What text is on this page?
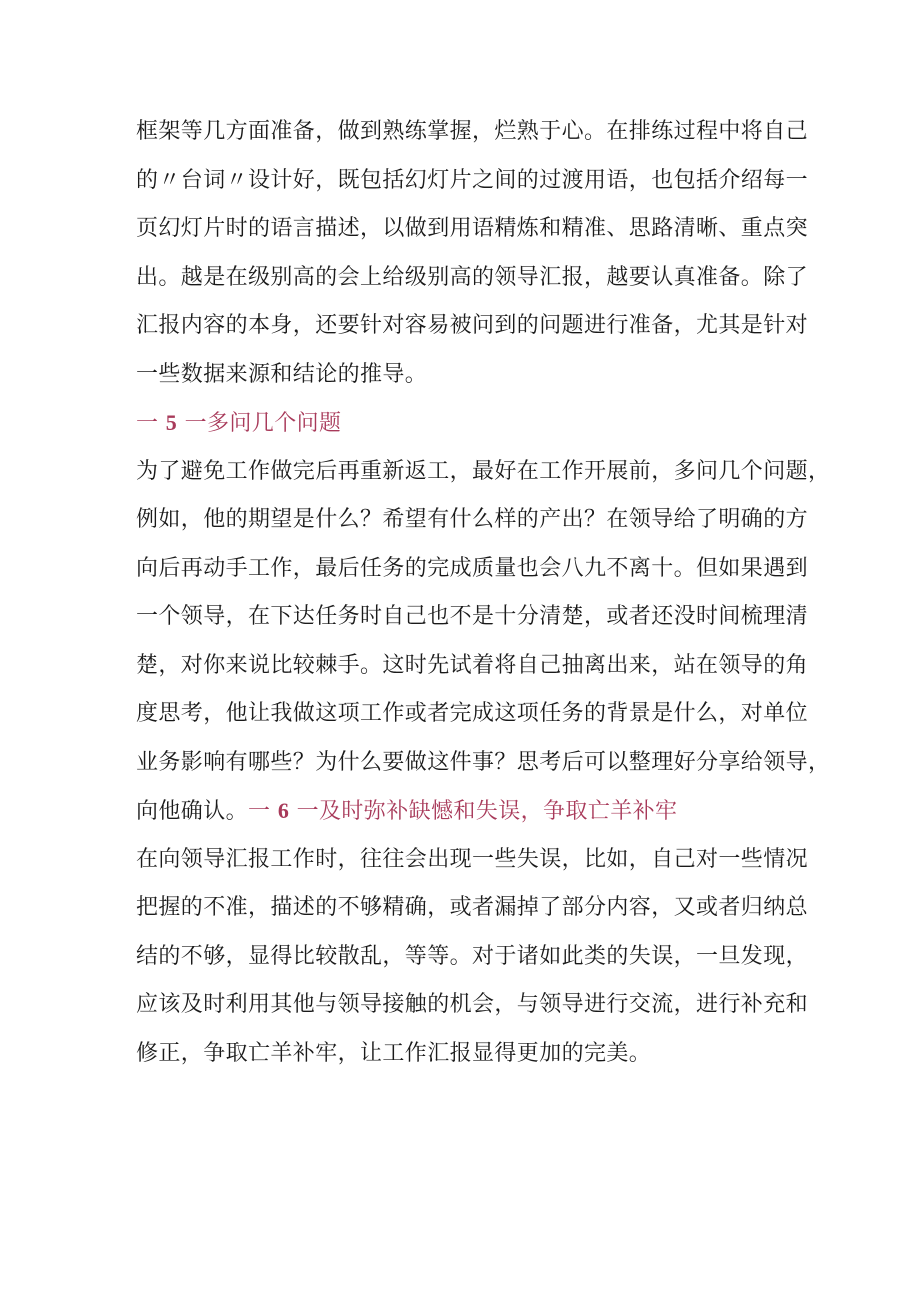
框架等几方面准备，做到熟练掌握，烂熟于心。在排练过程中将自己
的〃台词〃设计好，既包括幻灯片之间的过渡用语，也包括介绍每一
页幻灯片时的语言描述，以做到用语精炼和精准、思路清晰、重点突
出。越是在级别高的会上给级别高的领导汇报，越要认真准备。除了
汇报内容的本身，还要针对容易被问到的问题进行准备，尤其是针对
一些数据来源和结论的推导。
一 5 一多问几个问题
为了避免工作做完后再重新返工，最好在工作开展前，多问几个问题，
例如，他的期望是什么？希望有什么样的产出？在领导给了明确的方
向后再动手工作，最后任务的完成质量也会八九不离十。但如果遇到
一个领导，在下达任务时自己也不是十分清楚，或者还没时间梳理清
楚，对你来说比较棘手。这时先试着将自己抽离出来，站在领导的角
度思考，他让我做这项工作或者完成这项任务的背景是什么，对单位
业务影响有哪些？为什么要做这件事？思考后可以整理好分享给领导，
向他确认。一 6 一及时弥补缺憾和失误，争取亡羊补牢
在向领导汇报工作时，往往会出现一些失误，比如，自己对一些情况
把握的不准，描述的不够精确，或者漏掉了部分内容，又或者归纳总
结的不够，显得比较散乱，等等。对于诸如此类的失误，一旦发现，
应该及时利用其他与领导接触的机会，与领导进行交流，进行补充和
修正，争取亡羊补牢，让工作汇报显得更加的完美。
